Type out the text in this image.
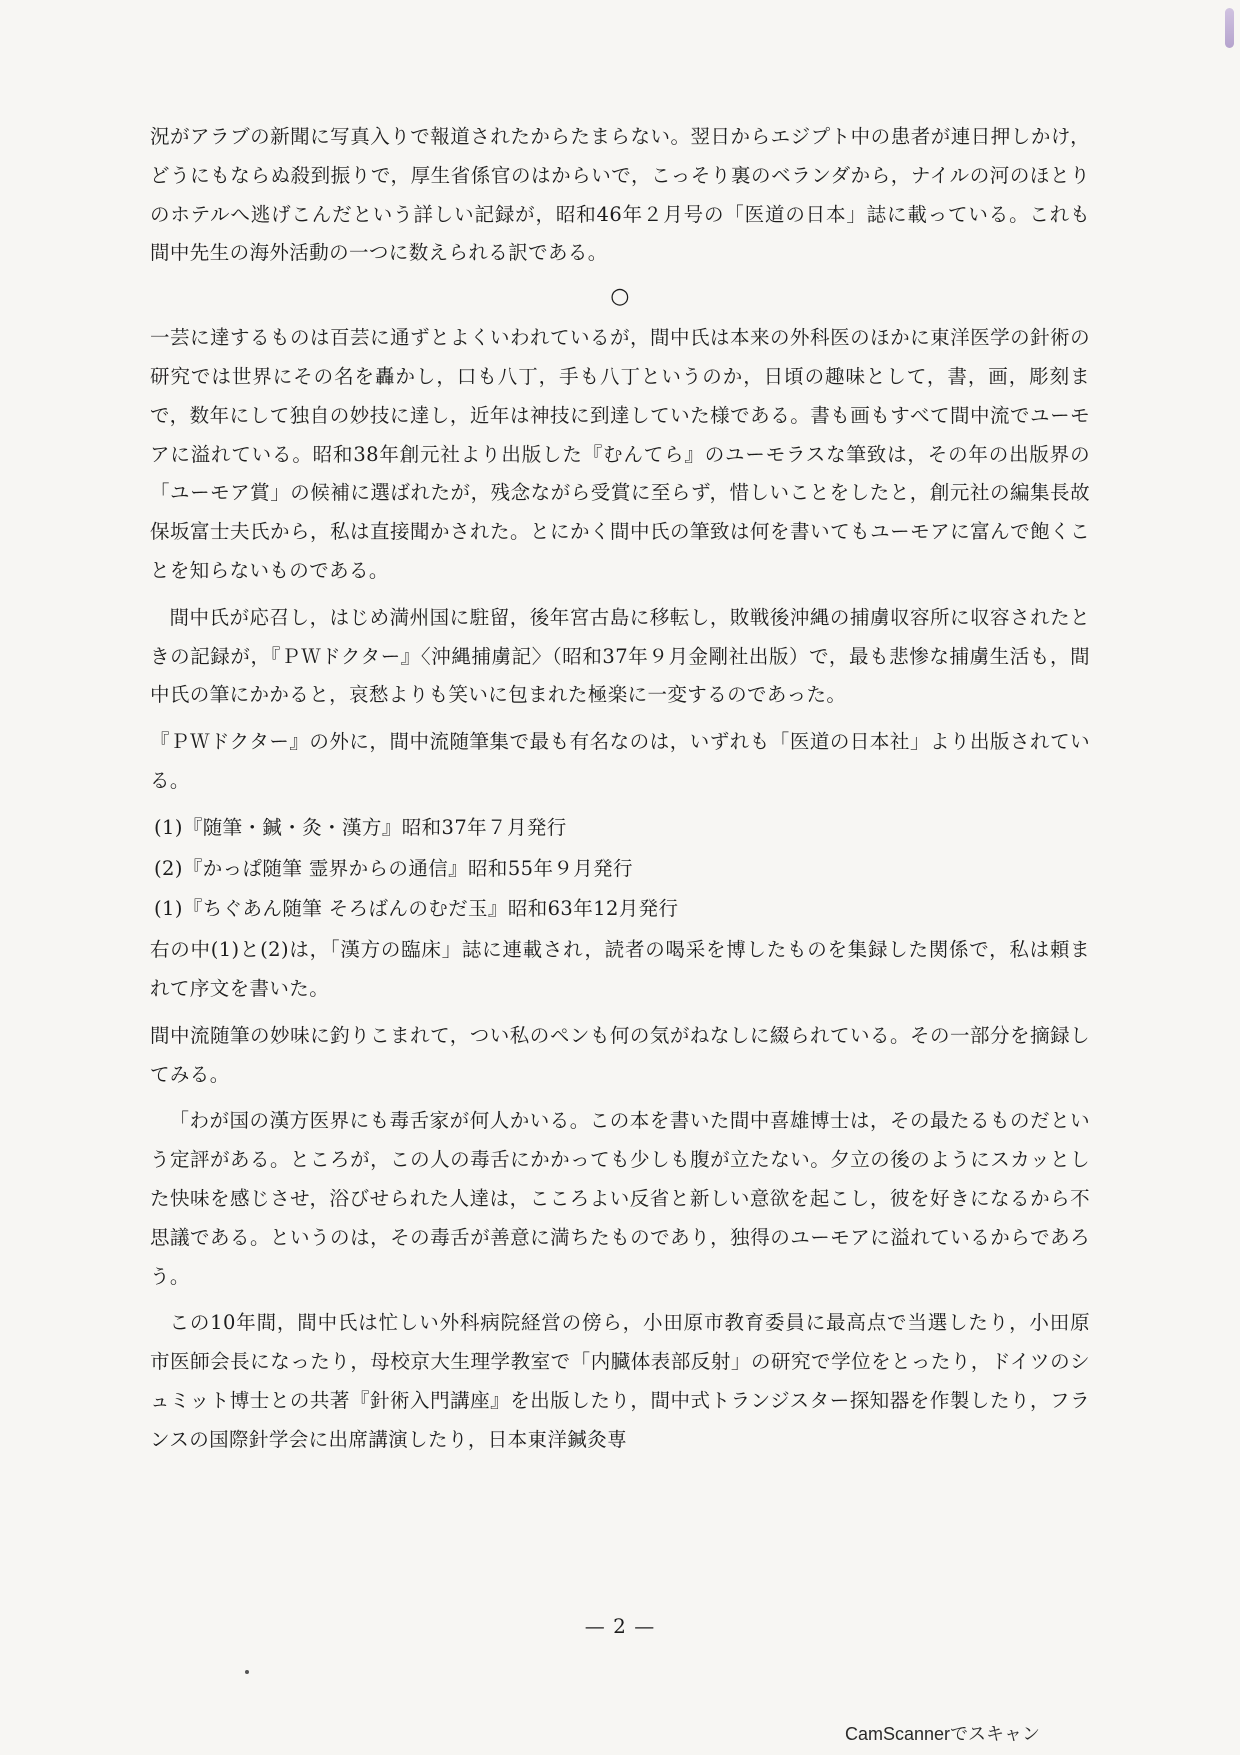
況がアラブの新聞に写真入りで報道されたからたまらない。翌日からエジプト中の患者が連日押しかけ，どうにもならぬ殺到振りで，厚生省係官のはからいで，こっそり裏のベランダから，ナイルの河のほとりのホテルへ逃げこんだという詳しい記録が，昭和46年２月号の「医道の日本」誌に載っている。これも間中先生の海外活動の一つに数えられる訳である。

○

一芸に達するものは百芸に通ずとよくいわれているが，間中氏は本来の外科医のほかに東洋医学の針術の研究では世界にその名を轟かし，口も八丁，手も八丁というのか，日頃の趣味として，書，画，彫刻まで，数年にして独自の妙技に達し，近年は神技に到達していた様である。書も画もすべて間中流でユーモアに溢れている。昭和38年創元社より出版した『むんてら』のユーモラスな筆致は，その年の出版界の「ユーモア賞」の候補に選ばれたが，残念ながら受賞に至らず，惜しいことをしたと，創元社の編集長故保坂富士夫氏から，私は直接聞かされた。とにかく間中氏の筆致は何を書いてもユーモアに富んで飽くことを知らないものである。

間中氏が応召し，はじめ満州国に駐留，後年宮古島に移転し，敗戦後沖縄の捕虜収容所に収容されたときの記録が，『ＰＷドクター』〈沖縄捕虜記〉（昭和37年９月金剛社出版）で，最も悲惨な捕虜生活も，間中氏の筆にかかると，哀愁よりも笑いに包まれた極楽に一変するのであった。

『ＰＷドクター』の外に，間中流随筆集で最も有名なのは，いずれも「医道の日本社」より出版されている。

(1)『随筆・鍼・灸・漢方』昭和37年７月発行
(2)『かっぱ随筆 霊界からの通信』昭和55年９月発行
(1)『ちぐあん随筆 そろばんのむだ玉』昭和63年12月発行

右の中(1)と(2)は，「漢方の臨床」誌に連載され，読者の喝采を博したものを集録した関係で，私は頼まれて序文を書いた。

間中流随筆の妙味に釣りこまれて，つい私のペンも何の気がねなしに綴られている。その一部分を摘録してみる。

「わが国の漢方医界にも毒舌家が何人かいる。この本を書いた間中喜雄博士は，その最たるものだという定評がある。ところが，この人の毒舌にかかっても少しも腹が立たない。夕立の後のようにスカッとした快味を感じさせ，浴びせられた人達は，こころよい反省と新しい意欲を起こし，彼を好きになるから不思議である。というのは，その毒舌が善意に満ちたものであり，独得のユーモアに溢れているからであろう。

この10年間，間中氏は忙しい外科病院経営の傍ら，小田原市教育委員に最高点で当選したり，小田原市医師会長になったり，母校京大生理学教室で「内臓体表部反射」の研究で学位をとったり，ドイツのシュミット博士との共著『針術入門講座』を出版したり，間中式トランジスター探知器を作製したり，フランスの国際針学会に出席講演したり，日本東洋鍼灸専

— 2 —
CamScannerでスキャン
